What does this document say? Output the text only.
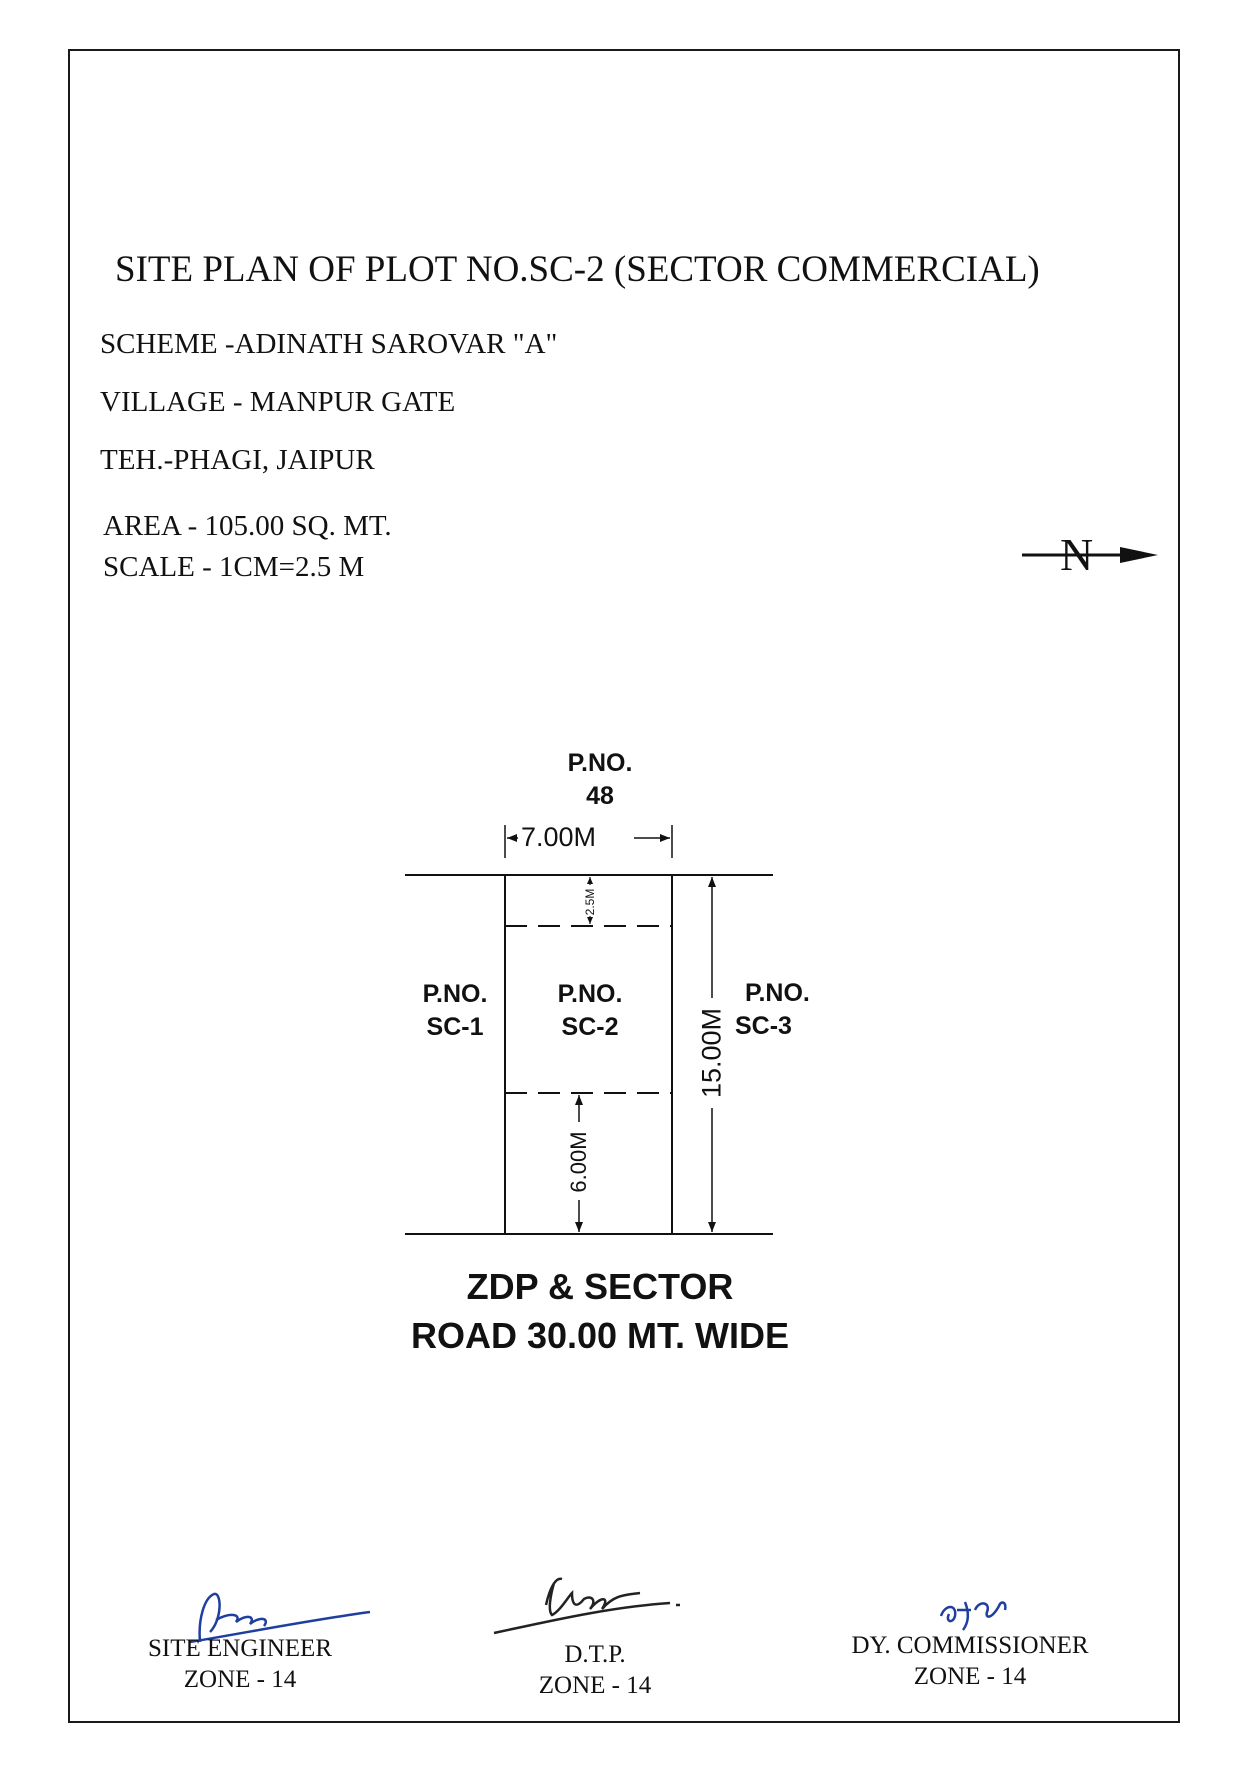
SITE PLAN OF PLOT NO.SC-2 (SECTOR COMMERCIAL)
SCHEME -ADINATH SAROVAR "A"
VILLAGE - MANPUR GATE
TEH.-PHAGI, JAIPUR
AREA - 105.00 SQ. MT.
SCALE - 1CM=2.5 M	N
7.00M
2.5M
6.00M
15.00M
P.NO.
48
P.NO.
SC-1
P.NO.
SC-2
P.NO.
SC-3
ZDP & SECTOR
ROAD 30.00 MT. WIDE
SITE ENGINEER
ZONE - 14
D.T.P.
ZONE - 14
DY. COMMISSIONER
ZONE - 14
